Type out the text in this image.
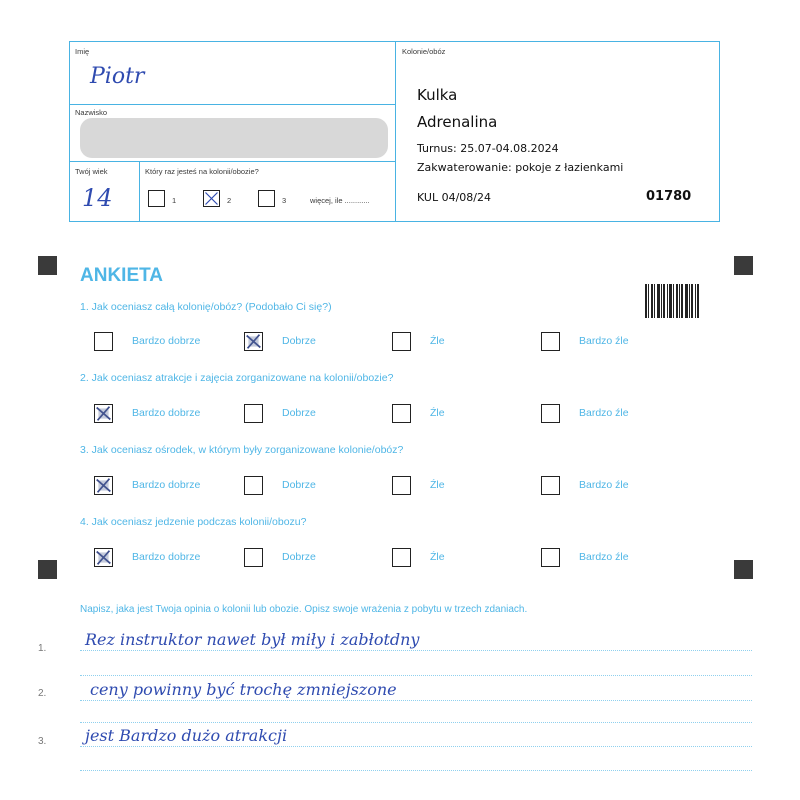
Imię
Piotr
Nazwisko
Twój wiek
14
Który raz jesteś na kolonii/obozie?
1	2	3	więcej, ile ............
Kolonie/obóz
Kulka
Adrenalina
Turnus: 25.07-04.08.2024
Zakwaterowanie: pokoje z łazienkami
KUL 04/08/24	01780
ANKIETA
1. Jak oceniasz całą kolonię/obóz? (Podobało Ci się?)
Bardzo dobrze	Dobrze	Źle	Bardzo źle
2. Jak oceniasz atrakcje i zajęcia zorganizowane na kolonii/obozie?
Bardzo dobrze	Dobrze	Źle	Bardzo źle
3. Jak oceniasz ośrodek, w którym były zorganizowane kolonie/obóz?
Bardzo dobrze	Dobrze	Źle	Bardzo źle
4. Jak oceniasz jedzenie podczas kolonii/obozu?
Bardzo dobrze	Dobrze	Źle	Bardzo źle
Napisz, jaka jest Twoja opinia o kolonii lub obozie. Opisz swoje wrażenia z pobytu w trzech zdaniach.
1. Rez instruktor nawet był miły i zabłotdny
2.	ceny powinny być trochę zmniejszone
3. jest Bardzo dużo atrakcji
